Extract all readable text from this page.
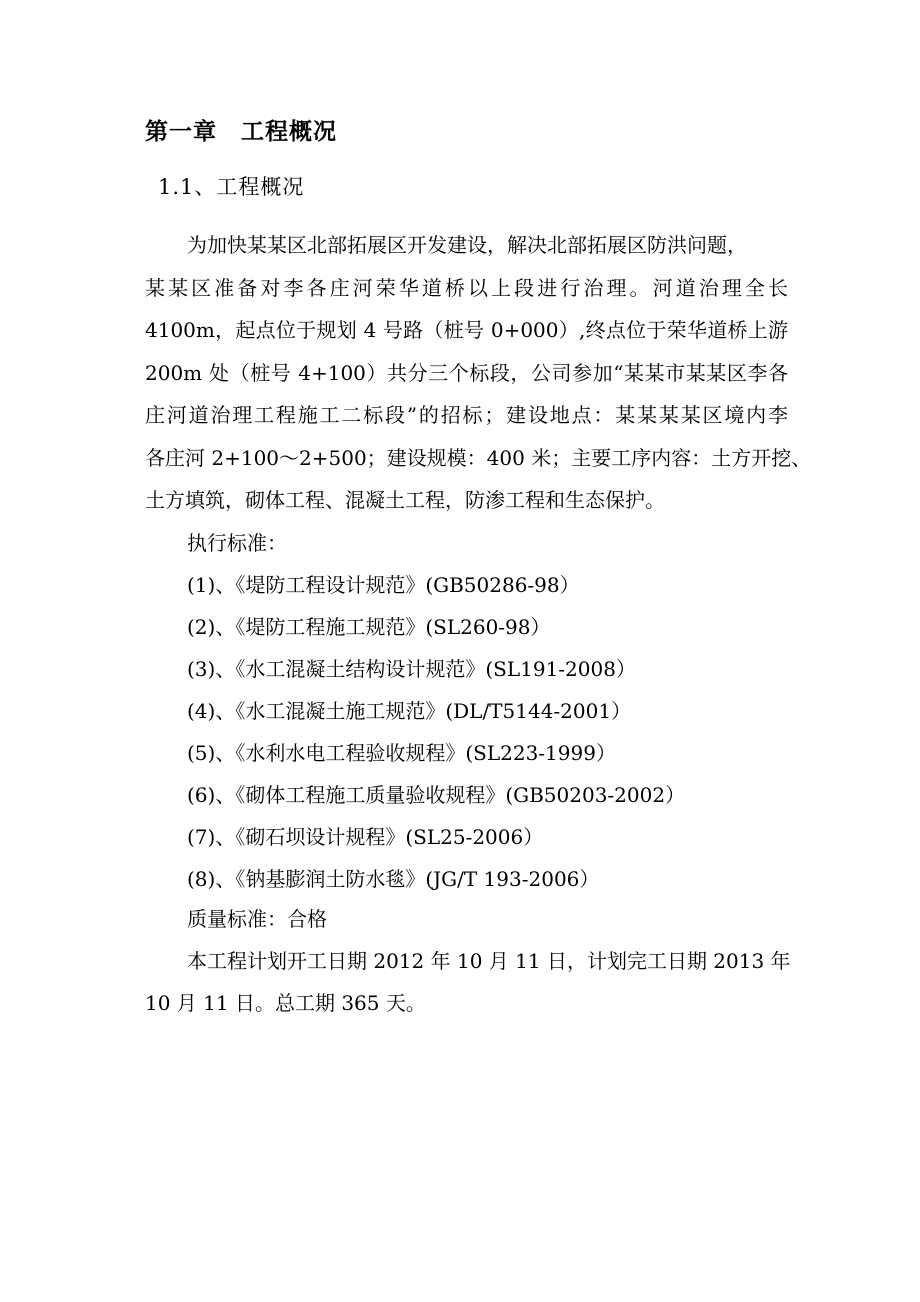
第一章　工程概况
1.1、工程概况

为加快某某区北部拓展区开发建设，解决北部拓展区防洪问题，

某某区准备对李各庄河荣华道桥以上段进行治理。河道治理全长

4100m，起点位于规划 4 号路（桩号 0+000）,终点位于荣华道桥上游

200m 处（桩号 4+100）共分三个标段，公司参加“某某市某某区李各

庄河道治理工程施工二标段”的招标；建设地点：某某某某区境内李

各庄河 2+100～2+500；建设规模：400 米；主要工序内容：土方开挖、

土方填筑，砌体工程、混凝土工程，防渗工程和生态保护。

执行标准：

(1)、《堤防工程设计规范》(GB50286-98）

(2)、《堤防工程施工规范》(SL260-98）

(3)、《水工混凝土结构设计规范》(SL191-2008）

(4)、《水工混凝土施工规范》(DL/T5144-2001）

(5)、《水利水电工程验收规程》(SL223-1999）

(6)、《砌体工程施工质量验收规程》(GB50203-2002）

(7)、《砌石坝设计规程》(SL25-2006）

(8)、《钠基膨润土防水毯》(JG/T 193-2006）

质量标准：合格

本工程计划开工日期 2012 年 10 月 11 日，计划完工日期 2013 年

10 月 11 日。总工期 365 天。
